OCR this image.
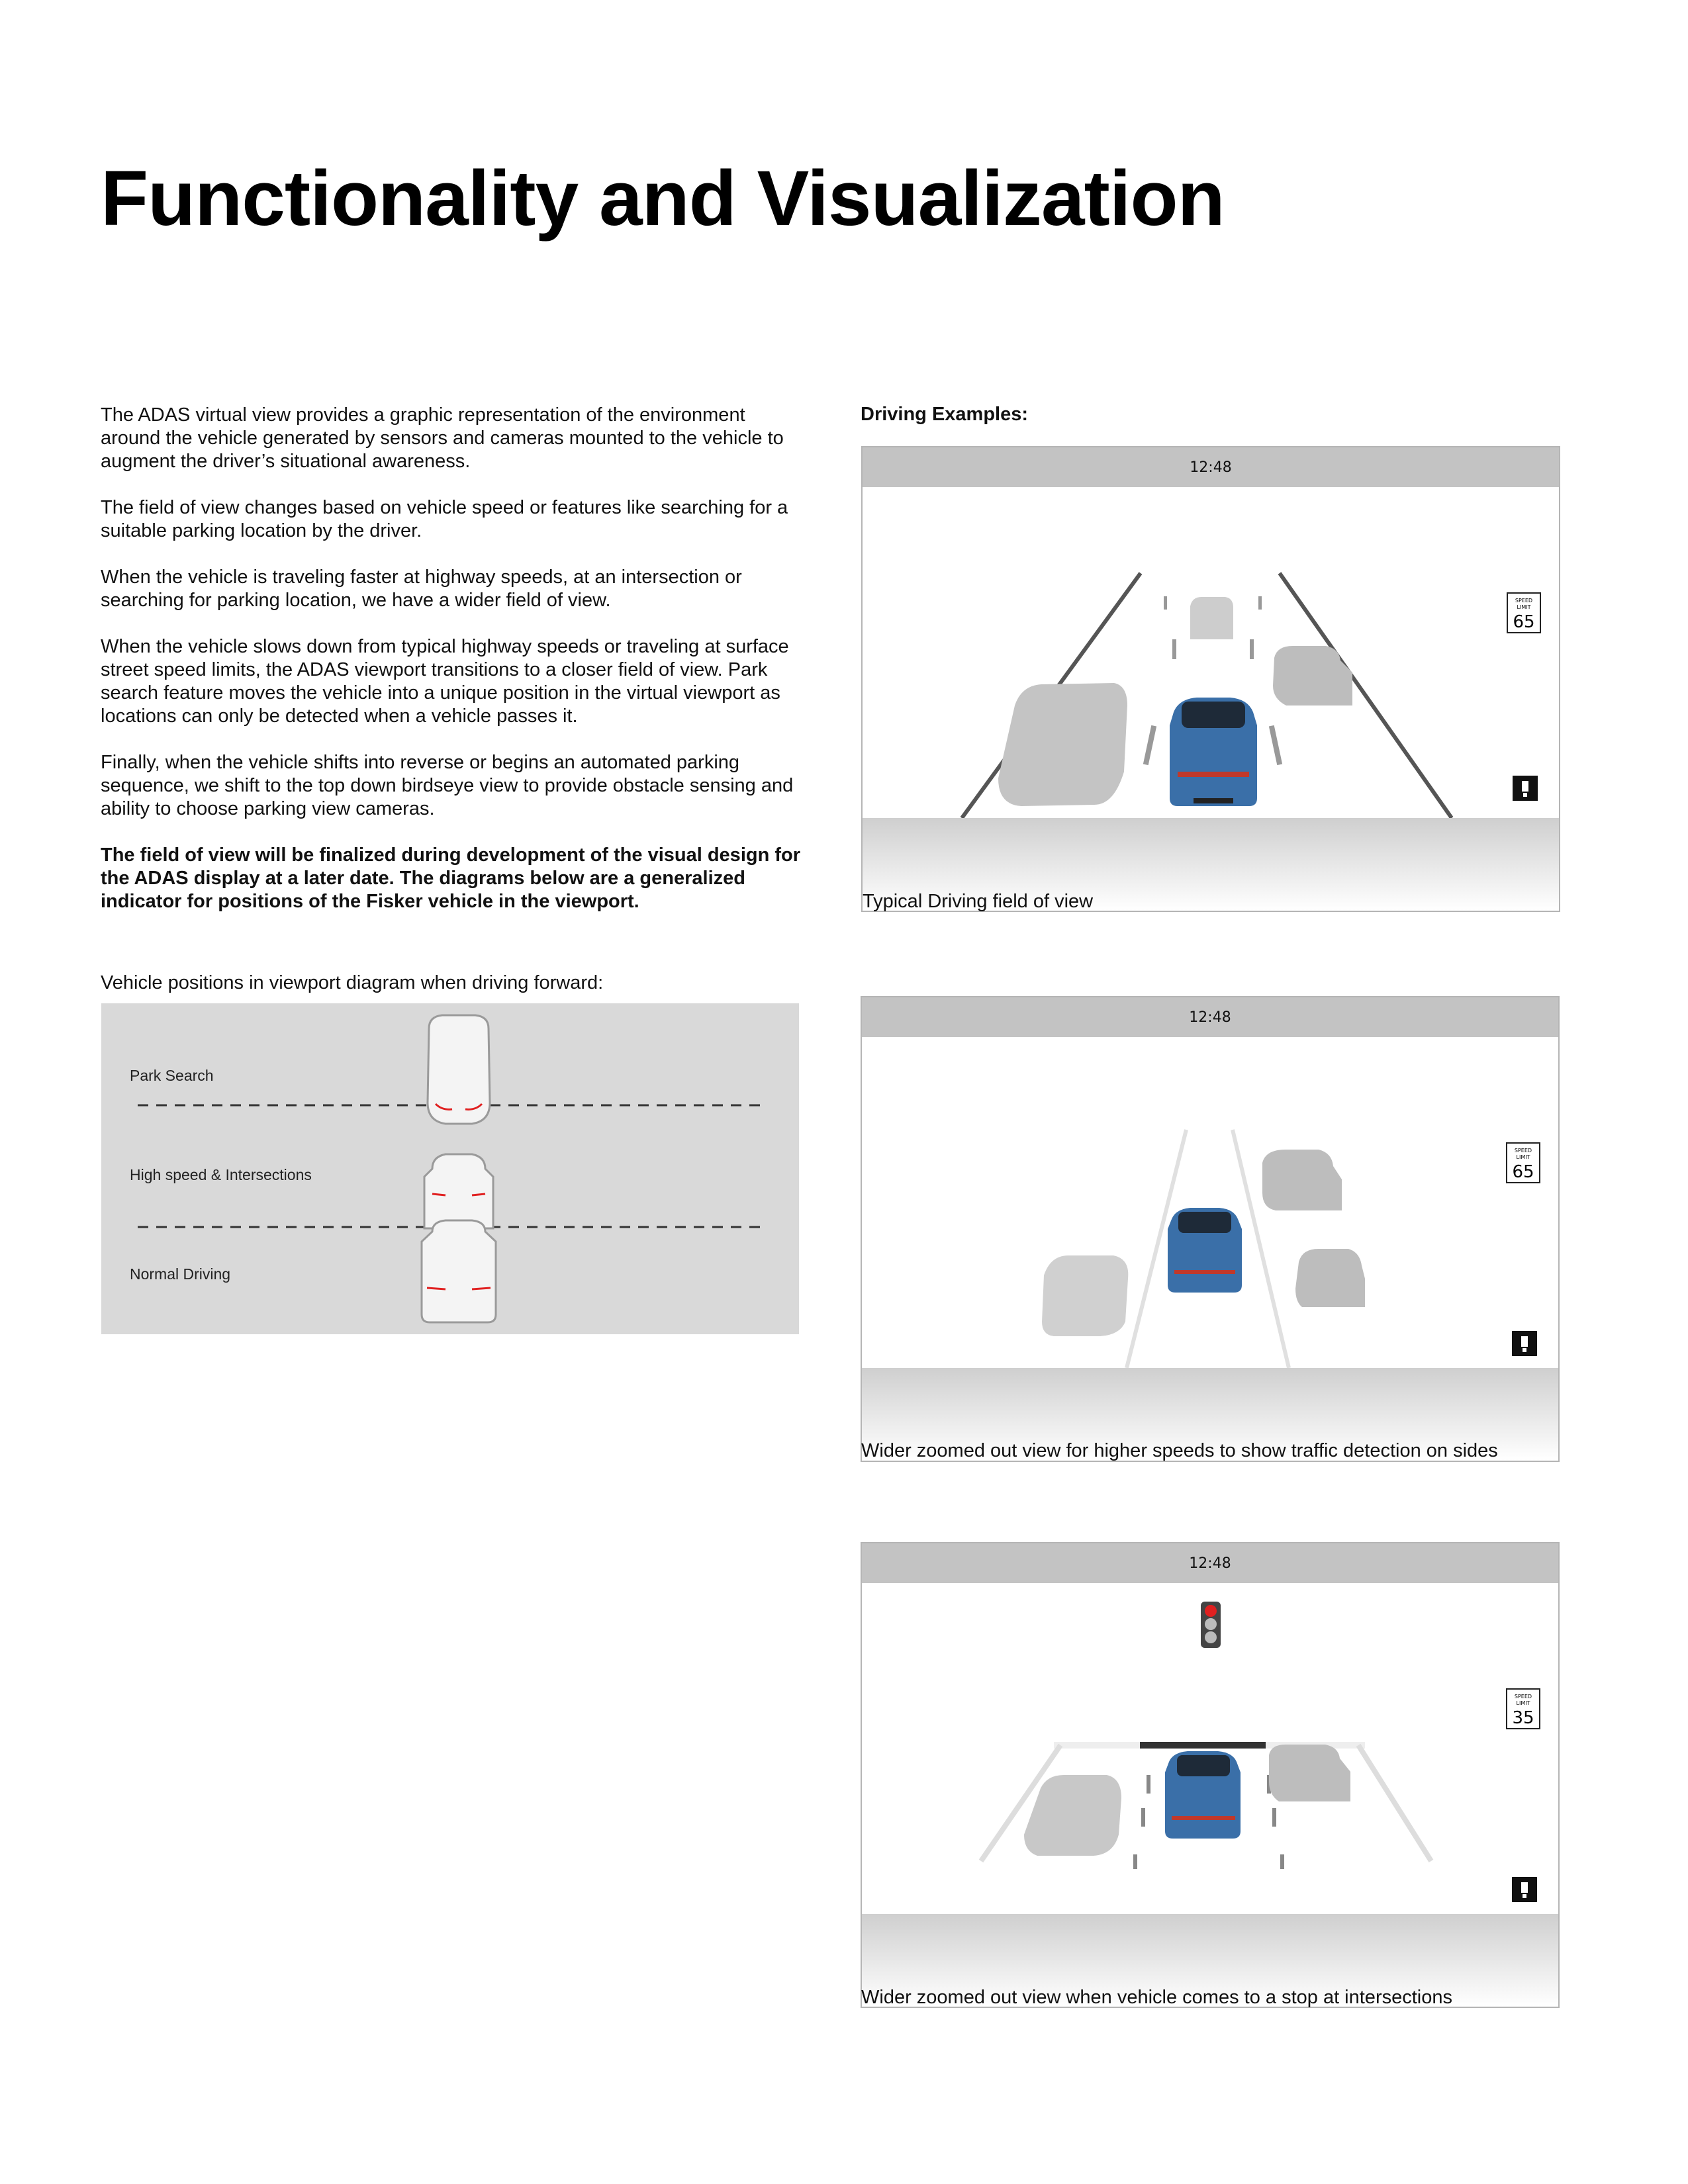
Functionality and Visualization

The ADAS virtual view provides a graphic representation of the environment around the vehicle generated by sensors and cameras mounted to the vehicle to augment the driver’s situational awareness.

The field of view changes based on vehicle speed or features like searching for a suitable parking location by the driver.

When the vehicle is traveling faster at highway speeds, at an intersection or searching for parking location, we have a wider field of view.

When the vehicle slows down from typical highway speeds or traveling at surface street speed limits, the ADAS viewport transitions to a closer field of view. Park search feature moves the vehicle into a unique position in the virtual viewport as locations can only be detected when a vehicle passes it.

Finally, when the vehicle shifts into reverse or begins an automated parking sequence, we shift to the top down birdseye view to provide obstacle sensing and ability to choose parking view cameras.

The field of view will be finalized during development of the visual design for the ADAS display at a later date. The diagrams below are a generalized indicator for positions of the Fisker vehicle in the viewport.

Vehicle positions in viewport diagram when driving forward:
Park Search
High speed & Intersections
Normal Driving
Driving Examples:
12:48
SPEED
LIMIT
65
Typical Driving field of view
12:48
SPEED
LIMIT
65
Wider zoomed out view for higher speeds to show traffic detection on sides
12:48
SPEED
LIMIT
35
Wider zoomed out view when vehicle comes to a stop at intersections
